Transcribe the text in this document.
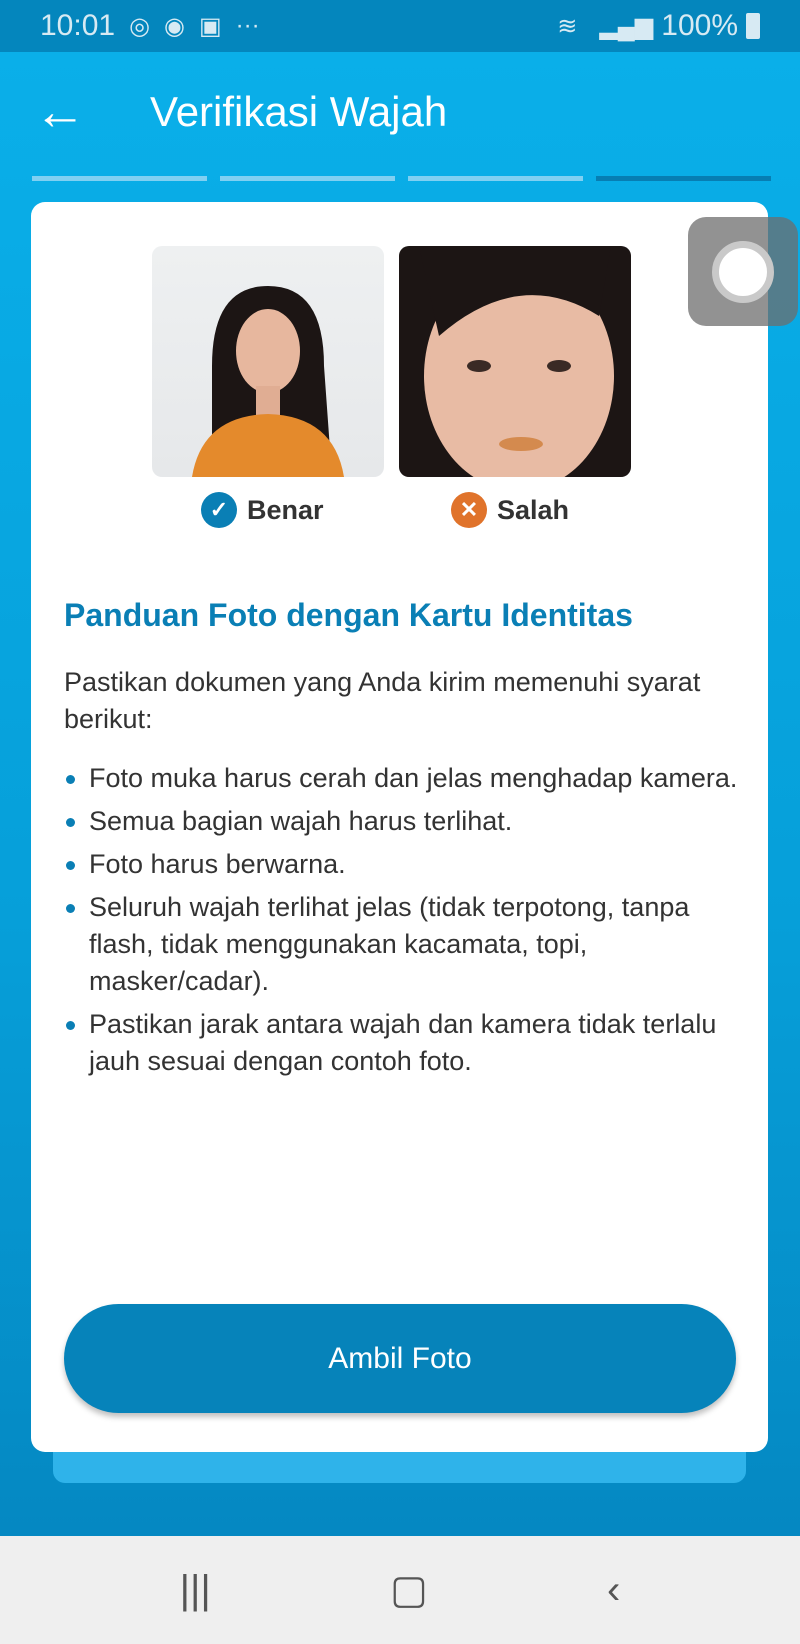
10:01 ◎ ◉ ▣ ···	≋ ▂▄▆ 100%
←	Verifikasi Wajah
✓ Benar	✕ Salah
Panduan Foto dengan Kartu Identitas

Pastikan dokumen yang Anda kirim memenuhi syarat berikut:

Foto muka harus cerah dan jelas menghadap kamera.
Semua bagian wajah harus terlihat.
Foto harus berwarna.
Seluruh wajah terlihat jelas (tidak terpotong, tanpa flash, tidak menggunakan kacamata, topi, masker/cadar).
Pastikan jarak antara wajah dan kamera tidak terlalu jauh sesuai dengan contoh foto.
Ambil Foto
|||	▢	‹
